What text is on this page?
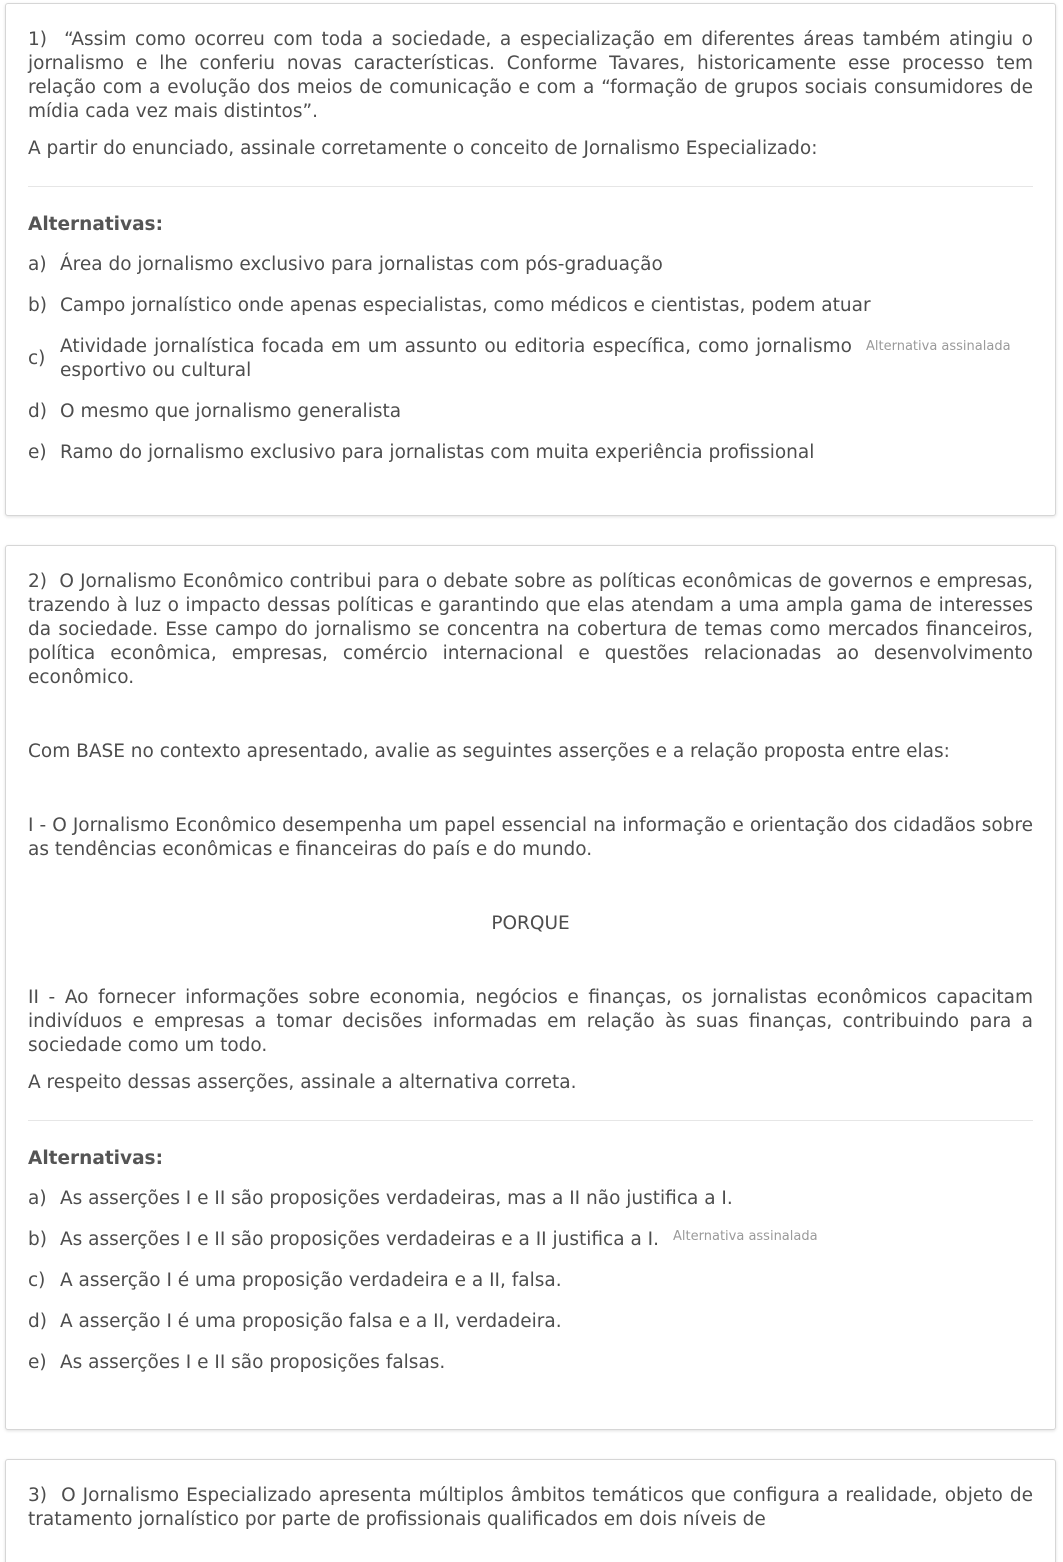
1) “Assim como ocorreu com toda a sociedade, a especialização em diferentes áreas também atingiu o jornalismo e lhe conferiu novas características. Conforme Tavares, historicamente esse processo tem relação com a evolução dos meios de comunicação e com a “formação de grupos sociais consumidores de mídia cada vez mais distintos”.

A partir do enunciado, assinale corretamente o conceito de Jornalismo Especializado:

Alternativas:
a) Área do jornalismo exclusivo para jornalistas com pós-graduação
b) Campo jornalístico onde apenas especialistas, como médicos e cientistas, podem atuar
c)
Atividade jornalística focada em um assunto ou editoria específica, como jornalismo esportivo ou cultural
Alternativa assinalada
d) O mesmo que jornalismo generalista
e) Ramo do jornalismo exclusivo para jornalistas com muita experiência profissional

2) O Jornalismo Econômico contribui para o debate sobre as políticas econômicas de governos e empresas, trazendo à luz o impacto dessas políticas e garantindo que elas atendam a uma ampla gama de interesses da sociedade. Esse campo do jornalismo se concentra na cobertura de temas como mercados financeiros, política econômica, empresas, comércio internacional e questões relacionadas ao desenvolvimento econômico.

Com BASE no contexto apresentado, avalie as seguintes asserções e a relação proposta entre elas:

I - O Jornalismo Econômico desempenha um papel essencial na informação e orientação dos cidadãos sobre as tendências econômicas e financeiras do país e do mundo.

PORQUE

II - Ao fornecer informações sobre economia, negócios e finanças, os jornalistas econômicos capacitam indivíduos e empresas a tomar decisões informadas em relação às suas finanças, contribuindo para a sociedade como um todo.

A respeito dessas asserções, assinale a alternativa correta.

Alternativas:
a) As asserções I e II são proposições verdadeiras, mas a II não justifica a I.
b) As asserções I e II são proposições verdadeiras e a II justifica a I. Alternativa assinalada
c) A asserção I é uma proposição verdadeira e a II, falsa.
d) A asserção I é uma proposição falsa e a II, verdadeira.
e) As asserções I e II são proposições falsas.

3) O Jornalismo Especializado apresenta múltiplos âmbitos temáticos que configura a realidade, objeto de tratamento jornalístico por parte de profissionais qualificados em dois níveis de
